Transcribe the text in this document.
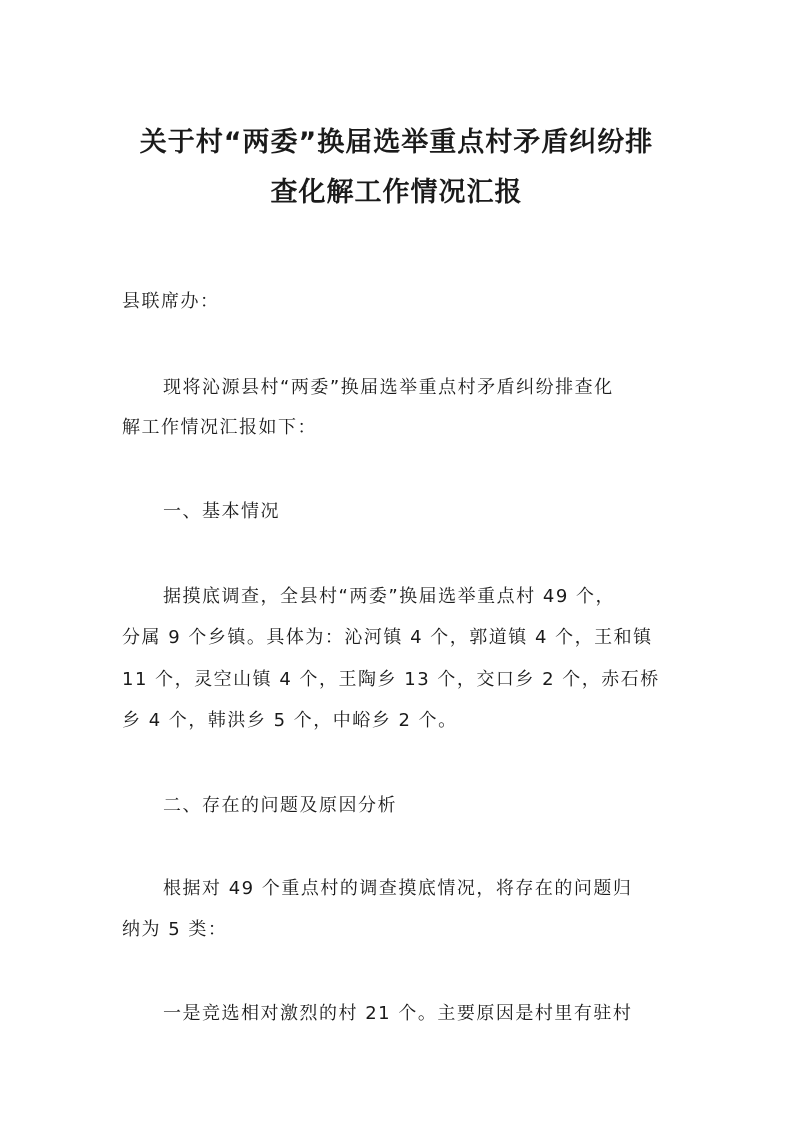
关于村“两委”换届选举重点村矛盾纠纷排
查化解工作情况汇报

县联席办：

现将沁源县村“两委”换届选举重点村矛盾纠纷排查化

解工作情况汇报如下：

一、基本情况

据摸底调查，全县村“两委”换届选举重点村 49 个，

分属 9 个乡镇。具体为：沁河镇 4 个，郭道镇 4 个，王和镇

11 个，灵空山镇 4 个，王陶乡 13 个，交口乡 2 个，赤石桥

乡 4 个，韩洪乡 5 个，中峪乡 2 个。

二、存在的问题及原因分析

根据对 49 个重点村的调查摸底情况，将存在的问题归

纳为 5 类：

一是竞选相对激烈的村 21 个。主要原因是村里有驻村
